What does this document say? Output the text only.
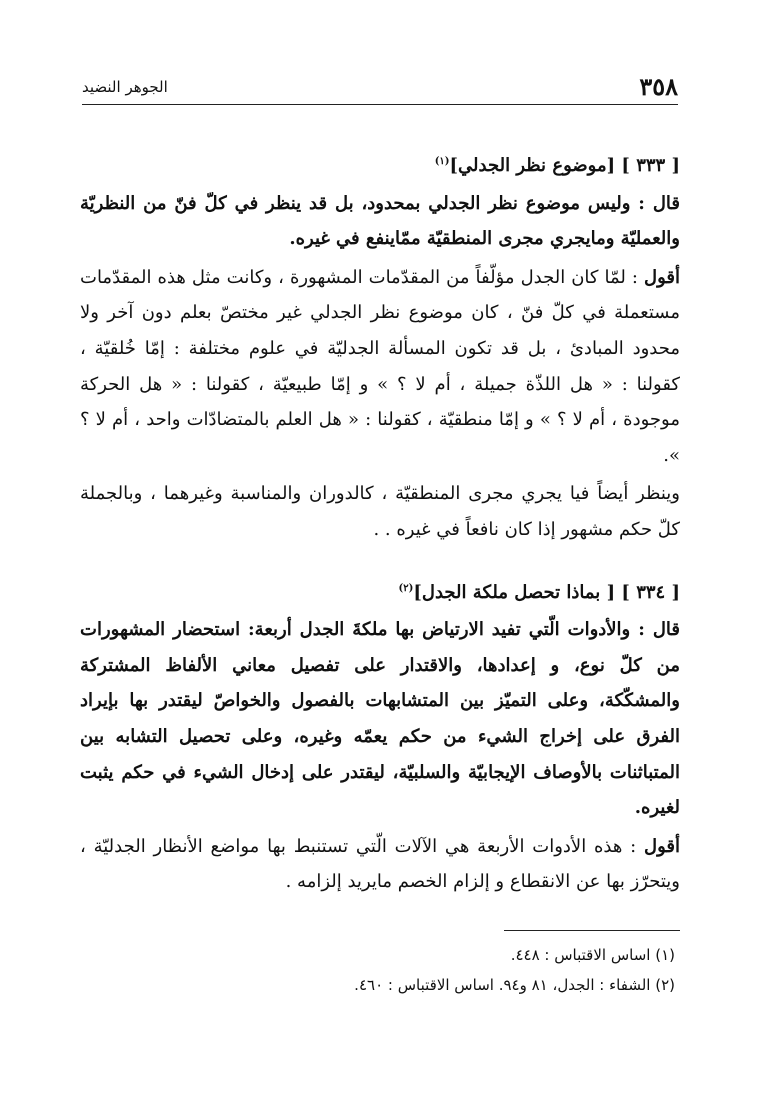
٣٥٨
الجوهر النضيد

[ ٣٣٣ ] [موضوع نظر الجدلي]$^{(١)}$

قال : وليس موضوع نظر الجدلي بمحدود، بل قد ينظر في كلّ فنّ من النظريّة والعمليّة ومايجري مجرى المنطقيّة ممّاينفع في غيره.

أقول : لمّا كان الجدل مؤلّفاً من المقدّمات المشهورة ، وكانت مثل هذه المقدّمات مستعملة في كلّ فنّ ، كان موضوع نظر الجدلي غير مختصّ بعلم دون آخر ولا محدود المبادئ ، بل قد تكون المسألة الجدليّة في علوم مختلفة : إمّا خُلقيّة ، كقولنا : « هل اللذّة جميلة ، أم لا ؟ » و إمّا طبيعيّة ، كقولنا : « هل الحركة موجودة ، أم لا ؟ » و إمّا منطقيّة ، كقولنا : « هل العلم بالمتضادّات واحد ، أم لا ؟ ».

وينظر أيضاً فيا يجري مجرى المنطقيّة ، كالدوران والمناسبة وغيرهما ، وبالجملة كلّ حكم مشهور إذا كان نافعاً في غيره . .

[ ٣٣٤ ] [ بماذا تحصل ملكة الجدل]$^{(٢)}$

قال : والأدوات الّتي تفيد الارتياض بها ملكةَ الجدل أربعة: استحضار المشهورات من كلّ نوع، و إعدادها، والاقتدار على تفصيل معاني الألفاظ المشتركة والمشكّكة، وعلى التميّز بين المتشابهات بالفصول والخواصّ ليقتدر بها بإيراد الفرق على إخراج الشيء من حكم يعمّه وغيره، وعلى تحصيل التشابه بين المتباثنات بالأوصاف الإيجابيّة والسلبيّة، ليقتدر على إدخال الشيء في حكم يثبت لغيره.

أقول : هذه الأدوات الأربعة هي الآلات الّتي تستنبط بها مواضع الأنظار الجدليّة ، ويتحرّز بها عن الانقطاع و إلزام الخصم مايريد إلزامه .

(١) اساس الاقتباس : ٤٤٨.

(٢) الشفاء : الجدل، ٨١ و٩٤. اساس الاقتباس : ٤٦٠.
